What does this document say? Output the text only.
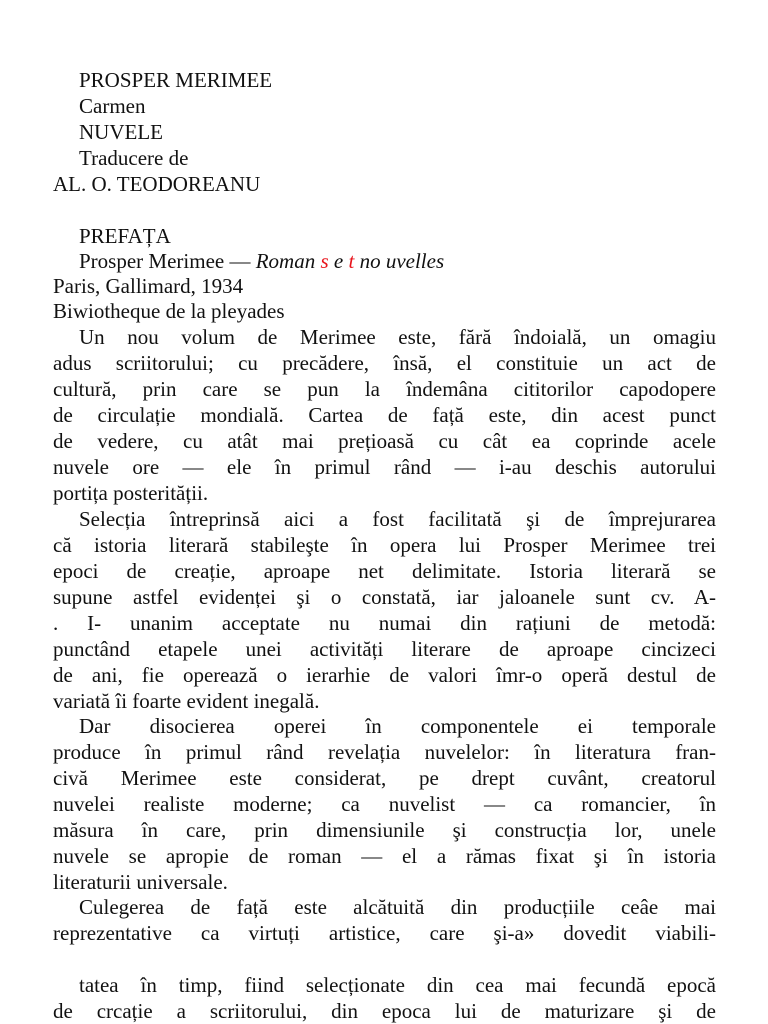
PROSPER MERIMEE
Carmen
NUVELE
Traducere de
AL. O. TEODOREANU
PREFAȚA
Prosper Merimee — Roman s e t no uvelles
Paris, Gallimard, 1934
Biwiotheque de la pleyades
Un nou volum de Merimee este, fără îndoială, un omagiu
adus scriitorului; cu precădere, însă, el constituie un act de
cultură, prin care se pun la îndemâna cititorilor capodopere
de circulație mondială. Cartea de față este, din acest punct
de vedere, cu atât mai prețioasă cu cât ea coprinde acele
nuvele ore — ele în primul rând — i-au deschis autorului
portița posterității.
Selecția întreprinsă aici a fost facilitată şi de împrejurarea
că istoria literară stabileşte în opera lui Prosper Merimee trei
epoci de creație, aproape net delimitate. Istoria literară se
supune astfel evidenței şi o constată, iar jaloanele sunt cv. A-
. I- unanim acceptate nu numai din rațiuni de metodă:
punctând etapele unei activități literare de aproape cincizeci
de ani, fie operează o ierarhie de valori îmr-o operă destul de
variată îi foarte evident inegală.
Dar disocierea operei în componentele ei temporale
produce în primul rând revelația nuvelelor: în literatura fran-
civă Merimee este considerat, pe drept cuvânt, creatorul
nuvelei realiste moderne; ca nuvelist — ca romancier, în
măsura în care, prin dimensiunile şi construcția lor, unele
nuvele se apropie de roman — el a rămas fixat şi în istoria
literaturii universale.
Culegerea de față este alcătuită din producțiile ceâe mai
reprezentative ca virtuți artistice, care şi-a» dovedit viabili-
tatea în timp, fiind selecționate din cea mai fecundă epocă
de crcație a scriitorului, din epoca lui de maturizare şi de
